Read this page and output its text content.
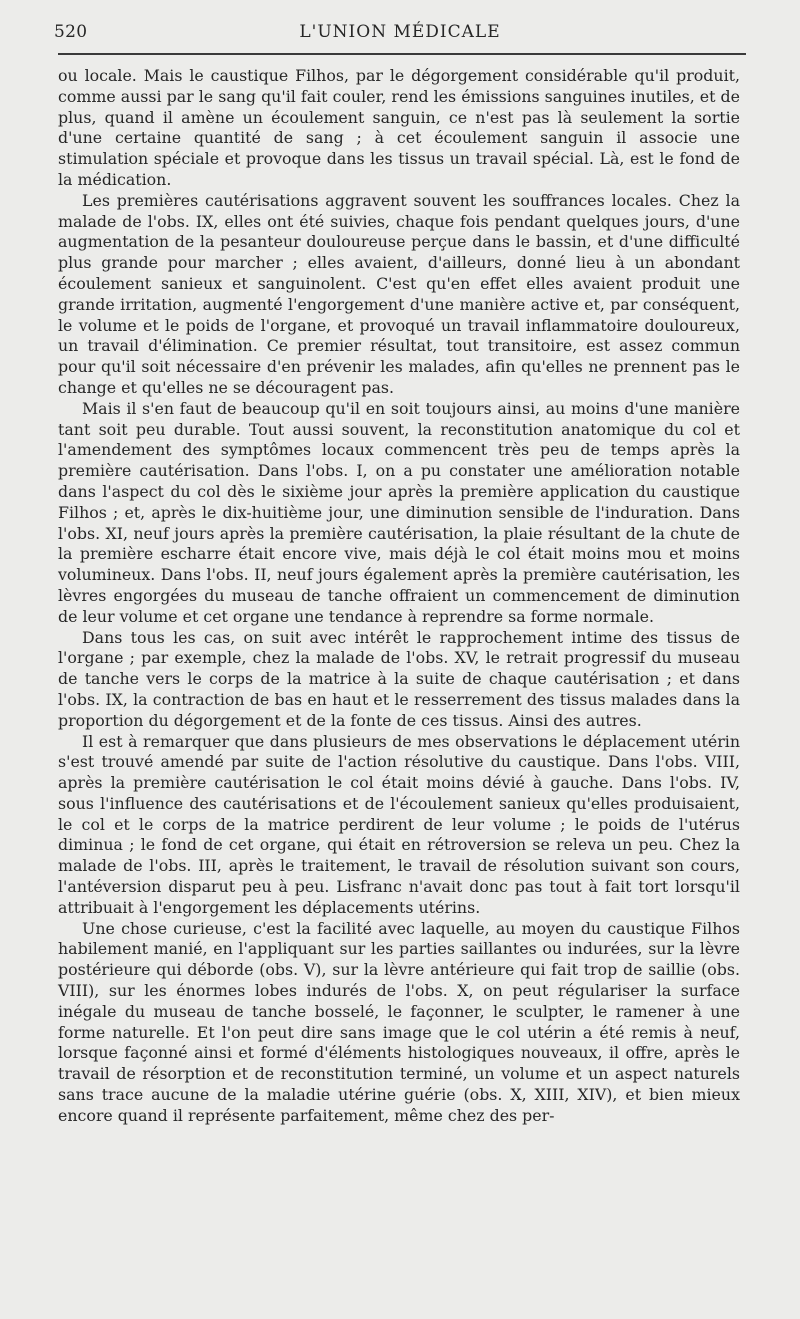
520	L'UNION MÉDICALE

ou locale. Mais le caustique Filhos, par le dégorgement considérable qu'il produit, comme aussi par le sang qu'il fait couler, rend les émissions sanguines inutiles, et de plus, quand il amène un écoulement sanguin, ce n'est pas là seulement la sortie d'une certaine quantité de sang ; à cet écoulement sanguin il associe une stimulation spéciale et provoque dans les tissus un travail spécial. Là, est le fond de la médication.

Les premières cautérisations aggravent souvent les souffrances locales. Chez la malade de l'obs. IX, elles ont été suivies, chaque fois pendant quelques jours, d'une augmentation de la pesanteur douloureuse perçue dans le bassin, et d'une difficulté plus grande pour marcher ; elles avaient, d'ailleurs, donné lieu à un abondant écoulement sanieux et sanguinolent. C'est qu'en effet elles avaient produit une grande irritation, augmenté l'engorgement d'une manière active et, par conséquent, le volume et le poids de l'organe, et provoqué un travail inflammatoire douloureux, un travail d'élimination. Ce premier résultat, tout transitoire, est assez commun pour qu'il soit nécessaire d'en prévenir les malades, afin qu'elles ne prennent pas le change et qu'elles ne se découragent pas.

Mais il s'en faut de beaucoup qu'il en soit toujours ainsi, au moins d'une manière tant soit peu durable. Tout aussi souvent, la reconstitution anatomique du col et l'amendement des symptômes locaux commencent très peu de temps après la première cautérisation. Dans l'obs. I, on a pu constater une amélioration notable dans l'aspect du col dès le sixième jour après la première application du caustique Filhos ; et, après le dix-huitième jour, une diminution sensible de l'induration. Dans l'obs. XI, neuf jours après la première cautérisation, la plaie résultant de la chute de la première escharre était encore vive, mais déjà le col était moins mou et moins volumineux. Dans l'obs. II, neuf jours également après la première cautérisation, les lèvres engorgées du museau de tanche offraient un commencement de diminution de leur volume et cet organe une tendance à reprendre sa forme normale.

Dans tous les cas, on suit avec intérêt le rapprochement intime des tissus de l'organe ; par exemple, chez la malade de l'obs. XV, le retrait progressif du museau de tanche vers le corps de la matrice à la suite de chaque cautérisation ; et dans l'obs. IX, la contraction de bas en haut et le resserrement des tissus malades dans la proportion du dégorgement et de la fonte de ces tissus. Ainsi des autres.

Il est à remarquer que dans plusieurs de mes observations le déplacement utérin s'est trouvé amendé par suite de l'action résolutive du caustique. Dans l'obs. VIII, après la première cautérisation le col était moins dévié à gauche. Dans l'obs. IV, sous l'influence des cautérisations et de l'écoulement sanieux qu'elles produisaient, le col et le corps de la matrice perdirent de leur volume ; le poids de l'utérus diminua ; le fond de cet organe, qui était en rétroversion se releva un peu. Chez la malade de l'obs. III, après le traitement, le travail de résolution suivant son cours, l'antéversion disparut peu à peu. Lisfranc n'avait donc pas tout à fait tort lorsqu'il attribuait à l'engorgement les déplacements utérins.

Une chose curieuse, c'est la facilité avec laquelle, au moyen du caustique Filhos habilement manié, en l'appliquant sur les parties saillantes ou indurées, sur la lèvre postérieure qui déborde (obs. V), sur la lèvre antérieure qui fait trop de saillie (obs. VIII), sur les énormes lobes indurés de l'obs. X, on peut régulariser la surface inégale du museau de tanche bosselé, le façonner, le sculpter, le ramener à une forme naturelle. Et l'on peut dire sans image que le col utérin a été remis à neuf, lorsque façonné ainsi et formé d'éléments histologiques nouveaux, il offre, après le travail de résorption et de reconstitution terminé, un volume et un aspect naturels sans trace aucune de la maladie utérine guérie (obs. X, XIII, XIV), et bien mieux encore quand il représente parfaitement, même chez des per-
